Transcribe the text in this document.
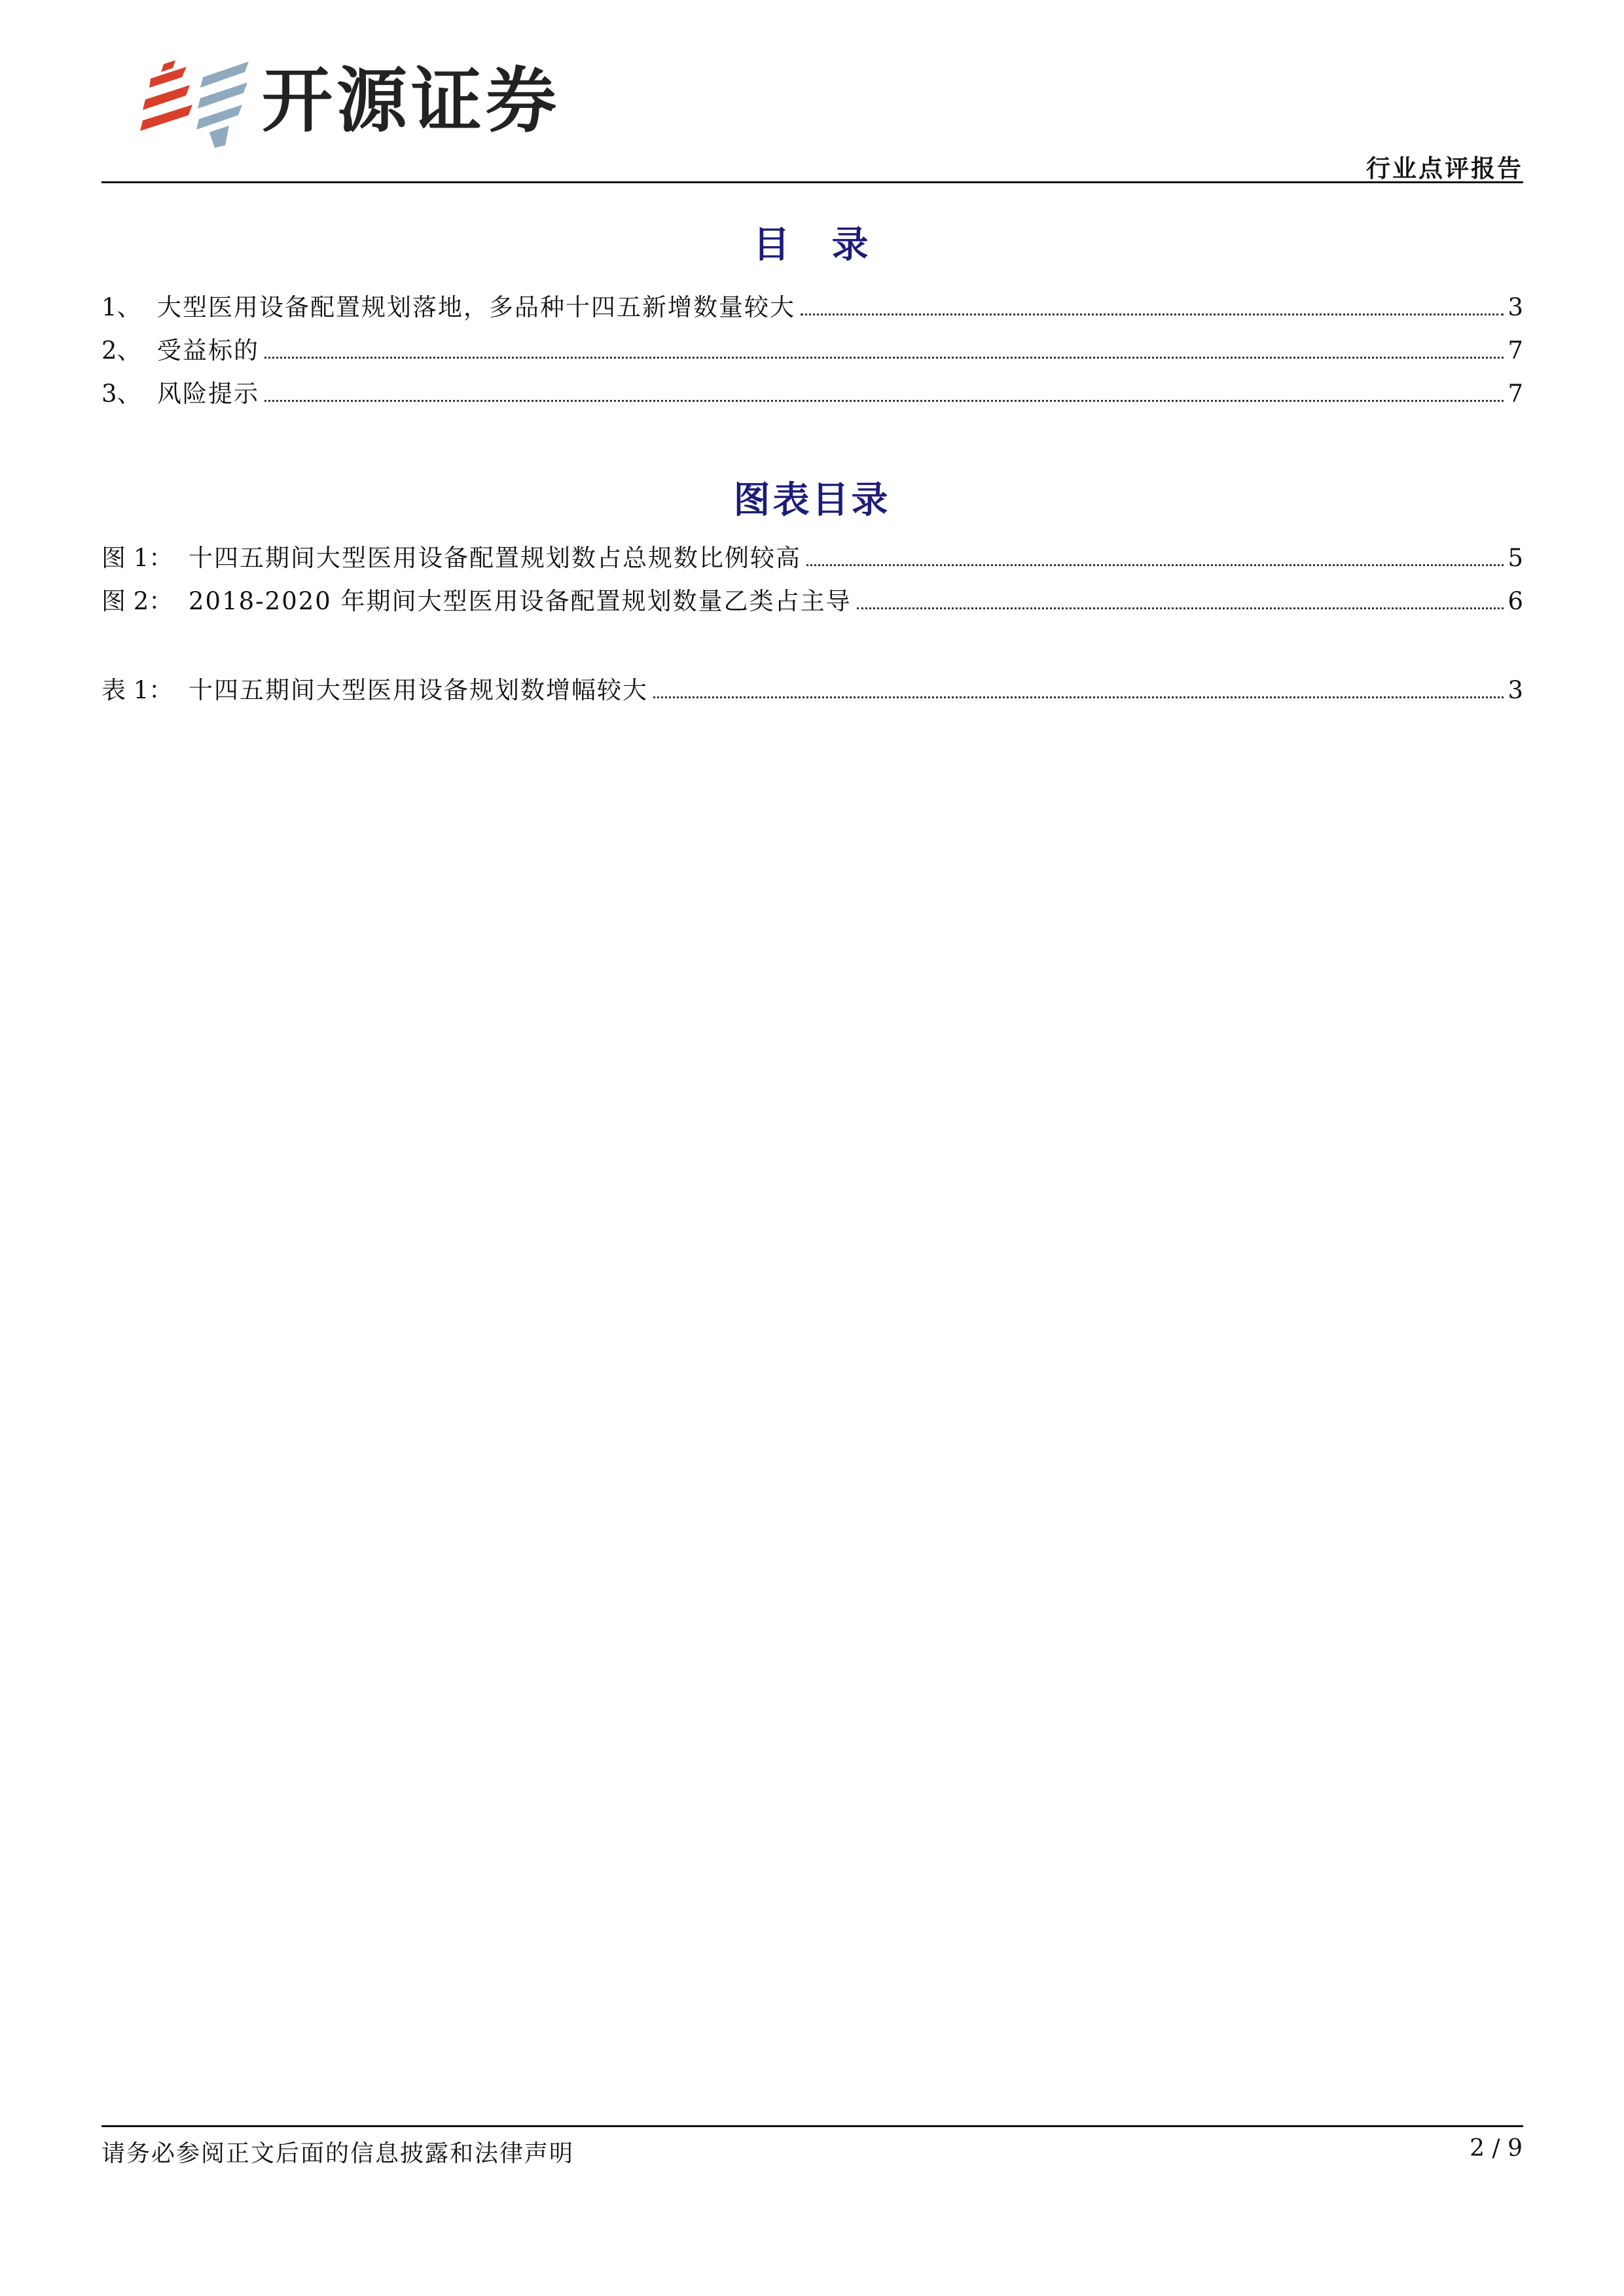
开源证券
行业点评报告
目　录
1、 大型医用设备配置规划落地，多品种十四五新增数量较大	3
2、 受益标的	7
3、 风险提示	7
图表目录
图 1： 十四五期间大型医用设备配置规划数占总规数比例较高	5
图 2： 2018-2020 年期间大型医用设备配置规划数量乙类占主导	6
表 1： 十四五期间大型医用设备规划数增幅较大	3
请务必参阅正文后面的信息披露和法律声明	2 / 9
